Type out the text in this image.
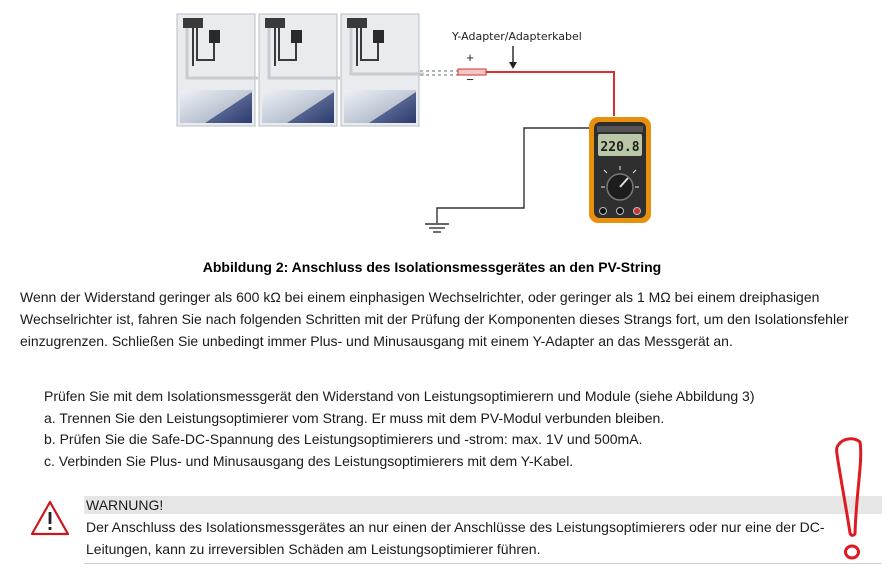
+
−
Y-Adapter/Adapterkabel
220.8
Abbildung 2: Anschluss des Isolationsmessgerätes an den PV-String

Wenn der Widerstand geringer als 600 kΩ bei einem einphasigen Wechselrichter, oder geringer als 1 MΩ bei einem dreiphasigen Wechselrichter ist, fahren Sie nach folgenden Schritten mit der Prüfung der Komponenten dieses Strangs fort, um den Isolationsfehler einzugrenzen. Schließen Sie unbedingt immer Plus- und Minusausgang mit einem Y-Adapter an das Messgerät an.

Prüfen Sie mit dem Isolationsmessgerät den Widerstand von Leistungsoptimierern und Module (siehe Abbildung 3)
a. Trennen Sie den Leistungsoptimierer vom Strang. Er muss mit dem PV-Modul verbunden bleiben.
b. Prüfen Sie die Safe-DC-Spannung des Leistungsoptimierers und -strom: max. 1V und 500mA.
c. Verbinden Sie Plus- und Minusausgang des Leistungsoptimierers mit dem Y-Kabel.
WARNUNG!

Der Anschluss des Isolationsmessgerätes an nur einen der Anschlüsse des Leistungsoptimierers oder nur eine der DC-Leitungen, kann zu irreversiblen Schäden am Leistungsoptimierer führen.
